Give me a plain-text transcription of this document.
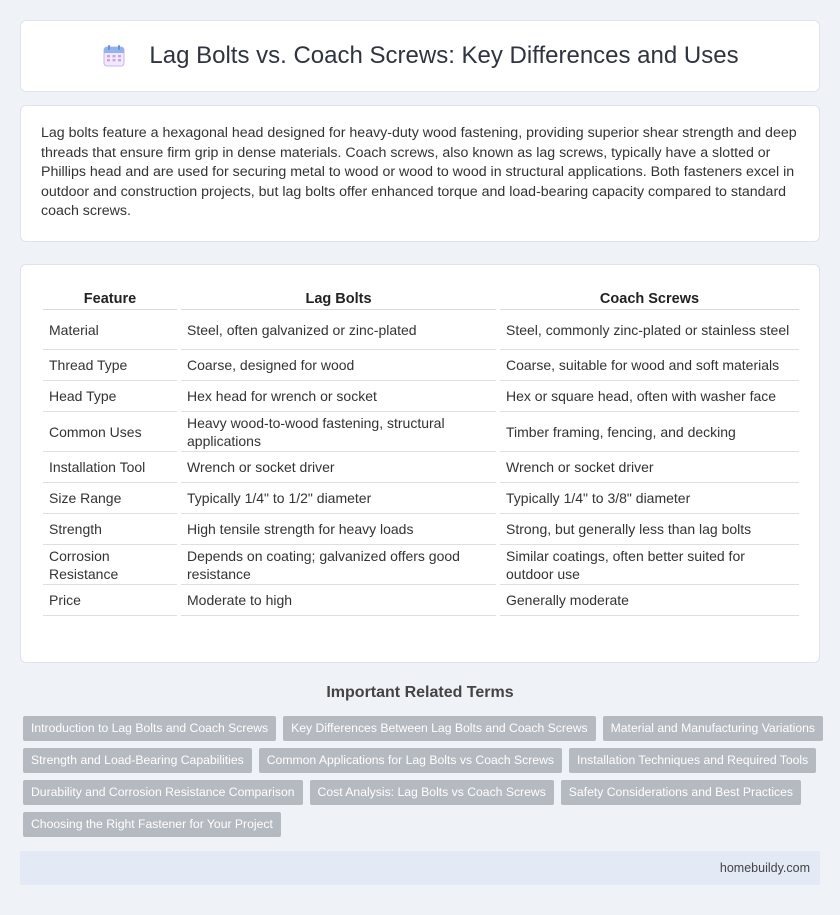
Lag Bolts vs. Coach Screws: Key Differences and Uses

Lag bolts feature a hexagonal head designed for heavy-duty wood fastening, providing superior shear strength and deep threads that ensure firm grip in dense materials. Coach screws, also known as lag screws, typically have a slotted or Phillips head and are used for securing metal to wood or wood to wood in structural applications. Both fasteners excel in outdoor and construction projects, but lag bolts offer enhanced torque and load-bearing capacity compared to standard coach screws.

Feature		Lag Bolts		Coach Screws
Material		Steel, often galvanized or zinc-plated		Steel, commonly zinc-plated or stainless steel
Thread Type		Coarse, designed for wood		Coarse, suitable for wood and soft materials
Head Type		Hex head for wrench or socket		Hex or square head, often with washer face
Common Uses		Heavy wood-to-wood fastening, structural applications		Timber framing, fencing, and decking
Installation Tool		Wrench or socket driver		Wrench or socket driver
Size Range		Typically 1/4" to 1/2" diameter		Typically 1/4" to 3/8" diameter
Strength		High tensile strength for heavy loads		Strong, but generally less than lag bolts
Corrosion Resistance		Depends on coating; galvanized offers good resistance		Similar coatings, often better suited for outdoor use
Price		Moderate to high		Generally moderate
Important Related Terms
Introduction to Lag Bolts and Coach Screws	Key Differences Between Lag Bolts and Coach Screws	Material and Manufacturing Variations
Strength and Load-Bearing Capabilities	Common Applications for Lag Bolts vs Coach Screws	Installation Techniques and Required Tools
Durability and Corrosion Resistance Comparison	Cost Analysis: Lag Bolts vs Coach Screws	Safety Considerations and Best Practices
Choosing the Right Fastener for Your Project
homebuildy.com
